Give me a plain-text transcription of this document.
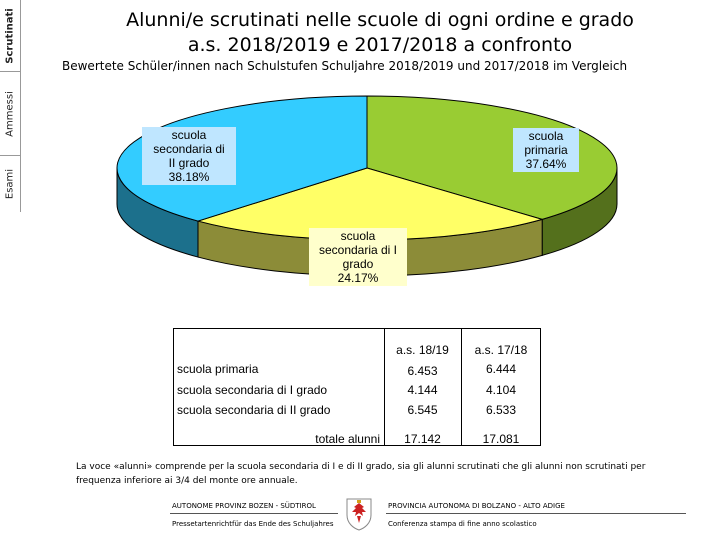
Scrutinati
Ammessi
Esami
Alunni/e scrutinati nelle scuole di ogni ordine e grado
a.s. 2018/2019 e 2017/2018 a confronto
Bewertete Schüler/innen nach Schulstufen Schuljahre 2018/2019 und 2017/2018 im Vergleich
scuola
primaria
37.64%
scuola
secondaria di I
grado
24.17%
scuola
secondaria di
II grado
38.18%
a.s. 18/19	a.s. 17/18
scuola primaria	6.453	6.444
scuola secondaria di I grado	4.144	4.104
scuola secondaria di II grado	6.545	6.533
totale alunni	17.142	17.081
La voce «alunni» comprende per la scuola secondaria di I e di II grado, sia gli alunni scrutinati che gli alunni non scrutinati per frequenza inferiore ai 3/4 del monte ore annuale.
AUTONOME PROVINZ BOZEN - SÜDTIROL
Pressetartenrichtfür das Ende des Schuljahres
PROVINCIA AUTONOMA DI BOLZANO - ALTO ADIGE
Conferenza stampa di fine anno scolastico
